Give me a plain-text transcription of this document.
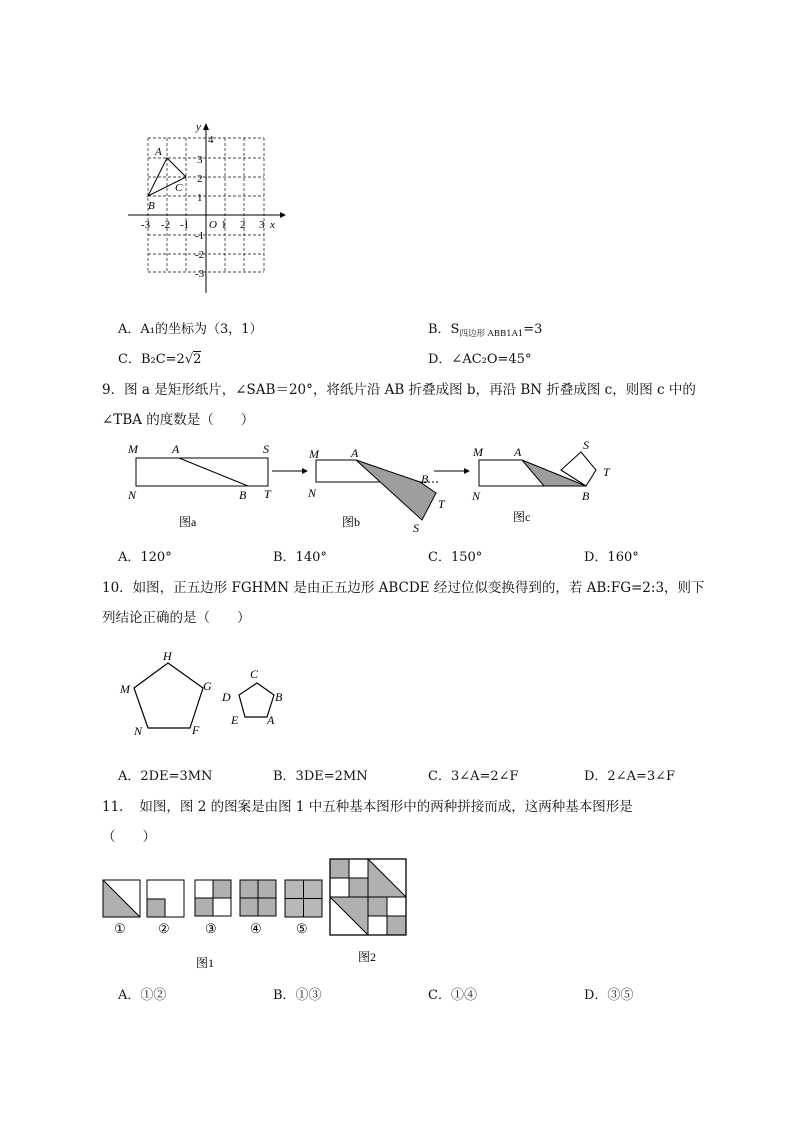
y
x
O
4
3
2
1
-1
-2
-3
-3 -2 -1	1 2 3
A
B
C
A．A₁的坐标为（3，1）	B．$S_{四边形 ABB1A1}=3$
C．B₂C=2√2	D．∠AC₂O=45°
9．图 a 是矩形纸片，∠SAB＝20°，将纸片沿 AB 折叠成图 b，再沿 BN 折叠成图 c，则图 c 中的
∠TBA 的度数是（　　）
M	A	S
N	B T
图a
M	A
B
N
T
S
图b
M	A	S
T
N	B
图c
A．120°	B．140°	C．150°	D．160°
10．如图，正五边形 FGHMN 是由正五边形 ABCDE 经过位似变换得到的，若 AB:FG=2:3，则下
列结论正确的是（　　）
H
M	G
N	F
C
D	B
E A
A．2DE=3MN	B．3DE=2MN	C．3∠A=2∠F	D．2∠A=3∠F
11．　如图，图 2 的图案是由图 1 中五种基本图形中的两种拼接而成，这两种基本图形是
（　　）
① ②	③	④	⑤
图1	图2
A．①②	B．①③	C．①④	D．③⑤
